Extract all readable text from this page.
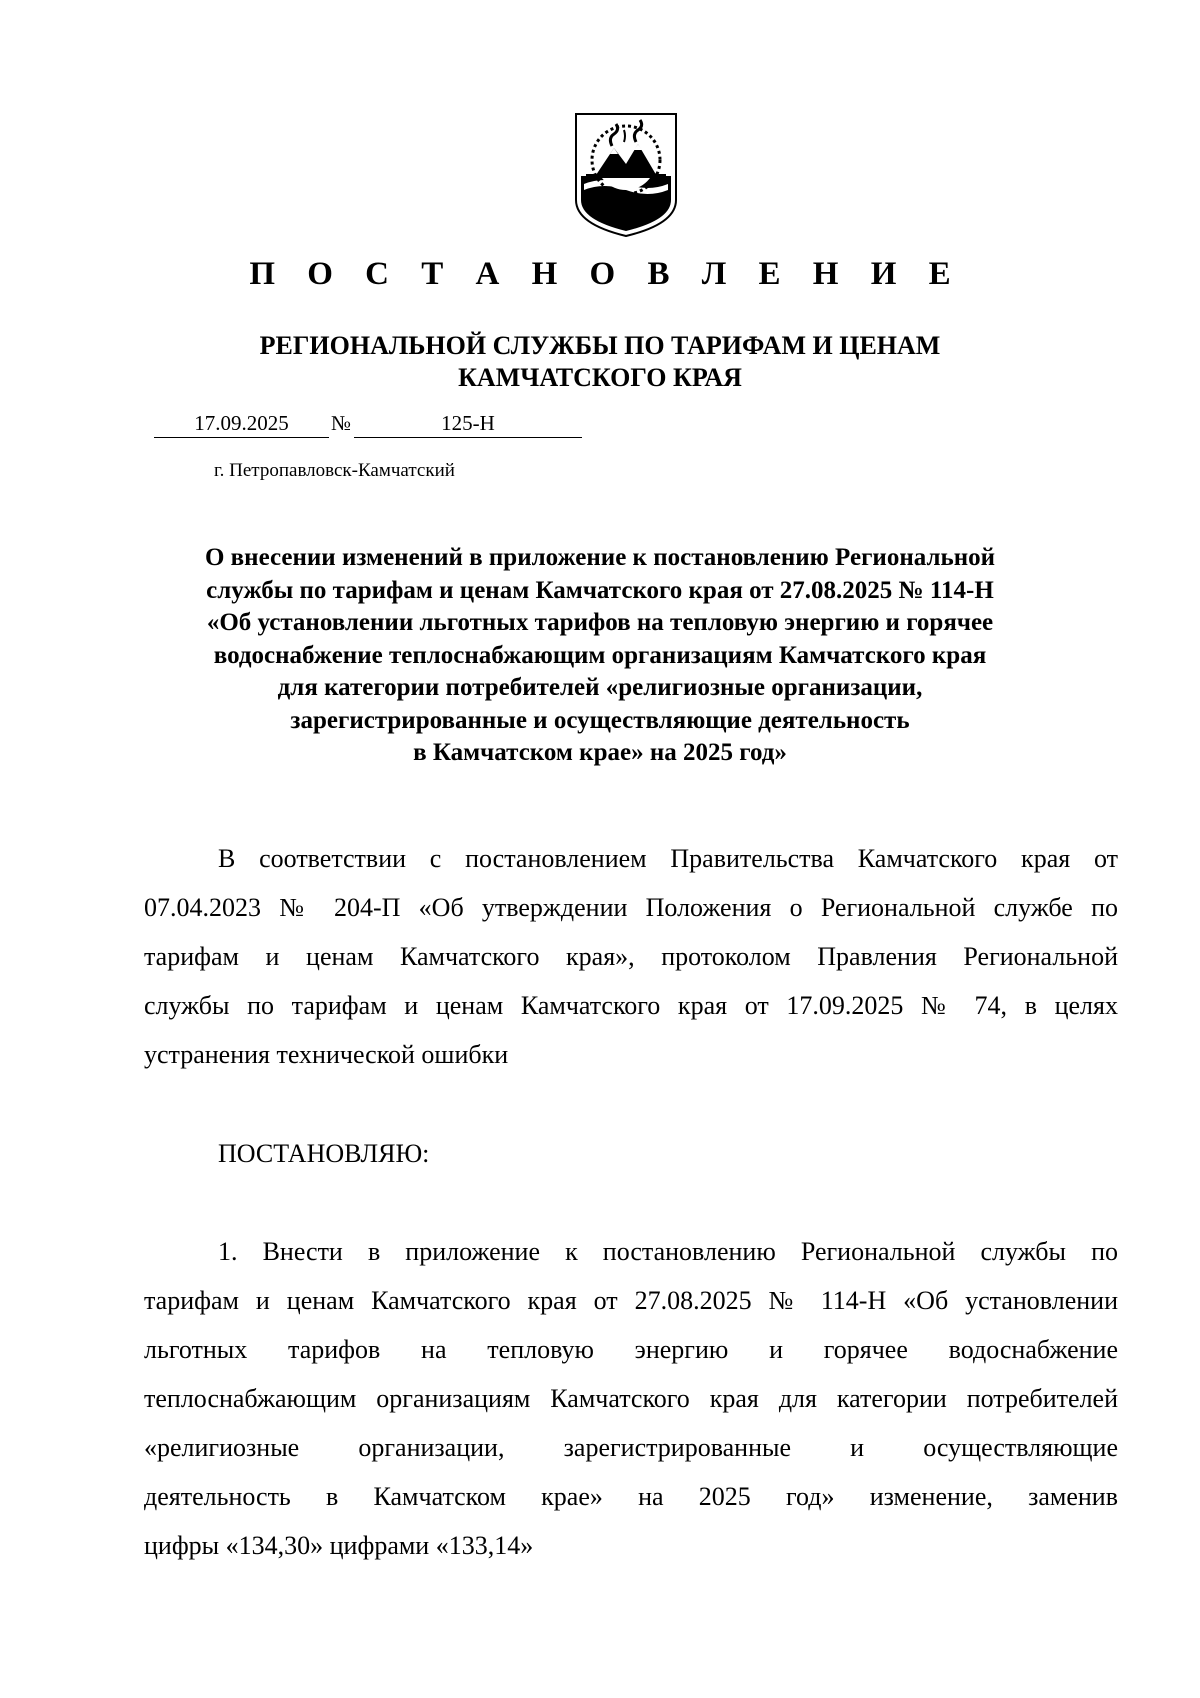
П О С Т А Н О В Л Е Н И Е
РЕГИОНАЛЬНОЙ СЛУЖБЫ ПО ТАРИФАМ И ЦЕНАМ
КАМЧАТСКОГО КРАЯ
17.09.2025	№	125-Н
г. Петропавловск-Камчатский
О внесении изменений в приложение к постановлению Региональной
службы по тарифам и ценам Камчатского края от 27.08.2025 № 114-Н
«Об установлении льготных тарифов на тепловую энергию и горячее
водоснабжение теплоснабжающим организациям Камчатского края
для категории потребителей «религиозные организации,
зарегистрированные и осуществляющие деятельность
в Камчатском крае» на 2025 год»
В соответствии с постановлением Правительства Камчатского края от
07.04.2023 № 204-П «Об утверждении Положения о Региональной службе по
тарифам и ценам Камчатского края», протоколом Правления Региональной
службы по тарифам и ценам Камчатского края от 17.09.2025 № 74, в целях
устранения технической ошибки
ПОСТАНОВЛЯЮ:
1. Внести в приложение к постановлению Региональной службы по
тарифам и ценам Камчатского края от 27.08.2025 № 114-Н «Об установлении
льготных тарифов на тепловую энергию и горячее водоснабжение
теплоснабжающим организациям Камчатского края для категории потребителей
«религиозные организации, зарегистрированные и осуществляющие
деятельность в Камчатском крае» на 2025 год» изменение, заменив
цифры «134,30» цифрами «133,14»
